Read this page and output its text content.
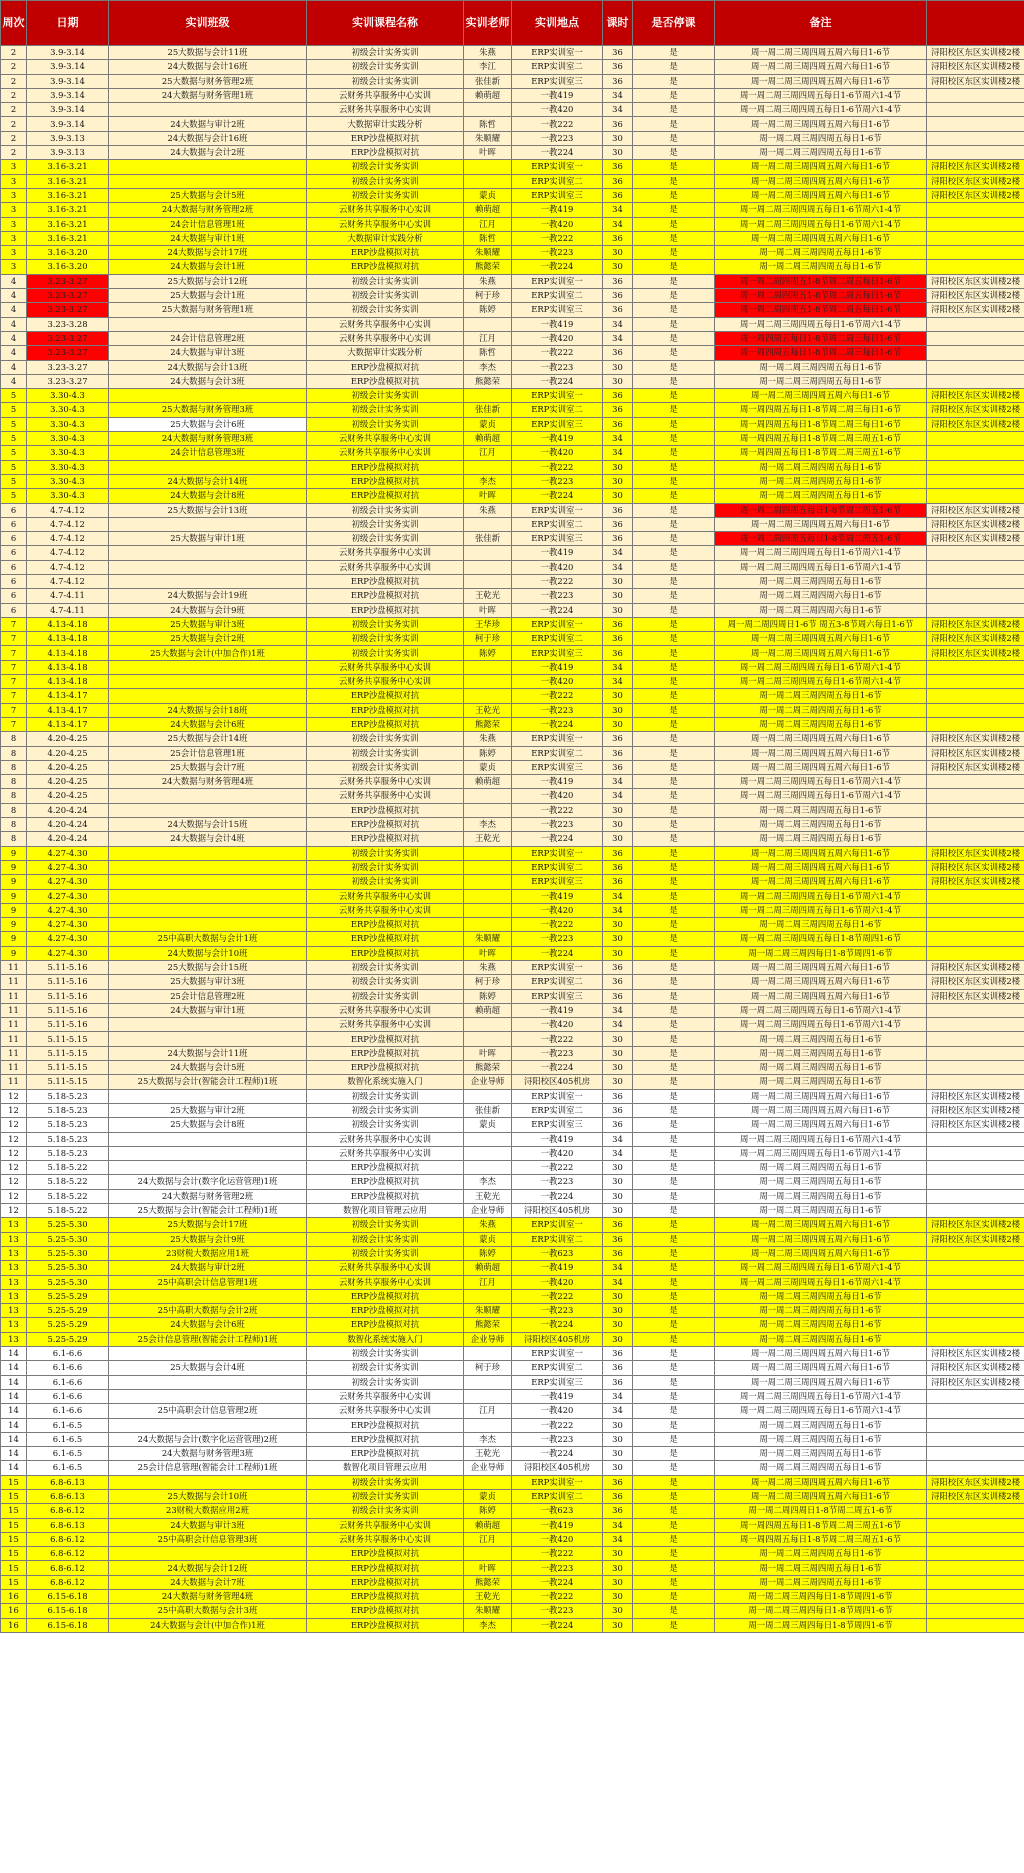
周次	日期	实训班级	实训课程名称	实训老师	实训地点	课时	是否停课	备注	
2	3.9-3.14	25大数据与会计11班	初级会计实务实训	朱燕	ERP实训室一	36	是	周一周二周三周四周五周六每日1-6节	浔阳校区东区实训楼2楼
2	3.9-3.14	24大数据与会计16班	初级会计实务实训	李江	ERP实训室二	36	是	周一周二周三周四周五周六每日1-6节	浔阳校区东区实训楼2楼
2	3.9-3.14	25大数据与财务管理2班	初级会计实务实训	张佳新	ERP实训室三	36	是	周一周二周三周四周五周六每日1-6节	浔阳校区东区实训楼2楼
2	3.9-3.14	24大数据与财务管理1班	云财务共享服务中心实训	赖萌超	一教419	34	是	周一周二周三周四周五每日1-6节周六1-4节	
2	3.9-3.14		云财务共享服务中心实训		一教420	34	是	周一周二周三周四周五每日1-6节周六1-4节	
2	3.9-3.14	24大数据与审计2班	大数据审计实践分析	陈哲	一教222	36	是	周一周二周三周四周五周六每日1-6节	
2	3.9-3.13	24大数据与会计16班	ERP沙盘模拟对抗	朱顺耀	一教223	30	是	周一周二周三周四周五每日1-6节	
2	3.9-3.13	24大数据与会计2班	ERP沙盘模拟对抗	叶晖	一教224	30	是	周一周二周三周四周五每日1-6节	
3	3.16-3.21		初级会计实务实训		ERP实训室一	36	是	周一周二周三周四周五周六每日1-6节	浔阳校区东区实训楼2楼
3	3.16-3.21		初级会计实务实训		ERP实训室二	36	是	周一周二周三周四周五周六每日1-6节	浔阳校区东区实训楼2楼
3	3.16-3.21	25大数据与会计5班	初级会计实务实训	蒙贞	ERP实训室三	36	是	周一周二周三周四周五周六每日1-6节	浔阳校区东区实训楼2楼
3	3.16-3.21	24大数据与财务管理2班	云财务共享服务中心实训	赖萌超	一教419	34	是	周一周二周三周四周五每日1-6节周六1-4节	
3	3.16-3.21	24会计信息管理1班	云财务共享服务中心实训	江月	一教420	34	是	周一周二周三周四周五每日1-6节周六1-4节	
3	3.16-3.21	24大数据与审计1班	大数据审计实践分析	陈哲	一教222	36	是	周一周二周三周四周五周六每日1-6节	
3	3.16-3.20	24大数据与会计17班	ERP沙盘模拟对抗	朱顺耀	一教223	30	是	周一周二周三周四周五每日1-6节	
3	3.16-3.20	24大数据与会计1班	ERP沙盘模拟对抗	熊懿荣	一教224	30	是	周一周二周三周四周五每日1-6节	
4	3.23-3.27	25大数据与会计12班	初级会计实务实训	朱燕	ERP实训室一	36	是	周一周二周四周五1-8节周二周五每日1-6节	浔阳校区东区实训楼2楼
4	3.23-3.27	25大数据与会计1班	初级会计实务实训	柯于珍	ERP实训室二	36	是	周一周二周四周五1-8节周二周五每日1-6节	浔阳校区东区实训楼2楼
4	3.23-3.27	25大数据与财务管理1班	初级会计实务实训	陈婷	ERP实训室三	36	是	周一周二周四周五1-8节周二周五每日1-6节	浔阳校区东区实训楼2楼
4	3.23-3.28		云财务共享服务中心实训		一教419	34	是	周一周二周三周四周五每日1-6节周六1-4节	
4	3.23-3.27	24会计信息管理2班	云财务共享服务中心实训	江月	一教420	34	是	周一周四周五每日1-8节周二周三每日1-6节	
4	3.23-3.27	24大数据与审计3班	大数据审计实践分析	陈哲	一教222	36	是	周一周四周五每日1-8节周二周三每日1-6节	
4	3.23-3.27	24大数据与会计13班	ERP沙盘模拟对抗	李杰	一教223	30	是	周一周二周三周四周五每日1-6节	
4	3.23-3.27	24大数据与会计3班	ERP沙盘模拟对抗	熊懿荣	一教224	30	是	周一周二周三周四周五每日1-6节	
5	3.30-4.3		初级会计实务实训		ERP实训室一	36	是	周一周二周三周四周五周六每日1-6节	浔阳校区东区实训楼2楼
5	3.30-4.3	25大数据与财务管理3班	初级会计实务实训	张佳新	ERP实训室二	36	是	周一周四周五每日1-8节周二周三每日1-6节	浔阳校区东区实训楼2楼
5	3.30-4.3	25大数据与会计6班	初级会计实务实训	蒙贞	ERP实训室三	36	是	周一周四周五每日1-8节周二周三每日1-6节	浔阳校区东区实训楼2楼
5	3.30-4.3	24大数据与财务管理3班	云财务共享服务中心实训	赖萌超	一教419	34	是	周一周四周五每日1-8节周二周三周五1-6节	
5	3.30-4.3	24会计信息管理3班	云财务共享服务中心实训	江月	一教420	34	是	周一周四周五每日1-8节周二周三周五1-6节	
5	3.30-4.3		ERP沙盘模拟对抗		一教222	30	是	周一周二周三周四周五每日1-6节	
5	3.30-4.3	24大数据与会计14班	ERP沙盘模拟对抗	李杰	一教223	30	是	周一周二周三周四周五每日1-6节	
5	3.30-4.3	24大数据与会计8班	ERP沙盘模拟对抗	叶晖	一教224	30	是	周一周二周三周四周五每日1-6节	
6	4.7-4.12	25大数据与会计13班	初级会计实务实训	朱燕	ERP实训室一	36	是	周一周二周四周五每日1-8节周二周五1-6节	浔阳校区东区实训楼2楼
6	4.7-4.12		初级会计实务实训		ERP实训室二	36	是	周一周二周三周四周五周六每日1-6节	浔阳校区东区实训楼2楼
6	4.7-4.12	25大数据与审计1班	初级会计实务实训	张佳新	ERP实训室三	36	是	周一周二周四周五每日1-8节周二周五1-6节	浔阳校区东区实训楼2楼
6	4.7-4.12		云财务共享服务中心实训		一教419	34	是	周一周二周三周四周五每日1-6节周六1-4节	
6	4.7-4.12		云财务共享服务中心实训		一教420	34	是	周一周二周三周四周五每日1-6节周六1-4节	
6	4.7-4.12		ERP沙盘模拟对抗		一教222	30	是	周一周二周三周四周五每日1-6节	
6	4.7-4.11	24大数据与会计19班	ERP沙盘模拟对抗	王乾光	一教223	30	是	周一周二周三周四周六每日1-6节	
6	4.7-4.11	24大数据与会计9班	ERP沙盘模拟对抗	叶晖	一教224	30	是	周一周二周三周四周六每日1-6节	
7	4.13-4.18	25大数据与审计3班	初级会计实务实训	王华珍	ERP实训室一	36	是	周一周二周四周日1-6节 周五3-8节周六每日1-6节	浔阳校区东区实训楼2楼
7	4.13-4.18	25大数据与会计2班	初级会计实务实训	柯于珍	ERP实训室二	36	是	周一周二周三周四周五周六每日1-6节	浔阳校区东区实训楼2楼
7	4.13-4.18	25大数据与会计(中加合作)1班	初级会计实务实训	陈婷	ERP实训室三	36	是	周一周二周三周四周五周六每日1-6节	浔阳校区东区实训楼2楼
7	4.13-4.18		云财务共享服务中心实训		一教419	34	是	周一周二周三周四周五每日1-6节周六1-4节	
7	4.13-4.18		云财务共享服务中心实训		一教420	34	是	周一周二周三周四周五每日1-6节周六1-4节	
7	4.13-4.17		ERP沙盘模拟对抗		一教222	30	是	周一周二周三周四周五每日1-6节	
7	4.13-4.17	24大数据与会计18班	ERP沙盘模拟对抗	王乾光	一教223	30	是	周一周二周三周四周五每日1-6节	
7	4.13-4.17	24大数据与会计6班	ERP沙盘模拟对抗	熊懿荣	一教224	30	是	周一周二周三周四周五每日1-6节	
8	4.20-4.25	25大数据与会计14班	初级会计实务实训	朱燕	ERP实训室一	36	是	周一周二周三周四周五周六每日1-6节	浔阳校区东区实训楼2楼
8	4.20-4.25	25会计信息管理1班	初级会计实务实训	陈婷	ERP实训室二	36	是	周一周二周三周四周五周六每日1-6节	浔阳校区东区实训楼2楼
8	4.20-4.25	25大数据与会计7班	初级会计实务实训	蒙贞	ERP实训室三	36	是	周一周二周三周四周五周六每日1-6节	浔阳校区东区实训楼2楼
8	4.20-4.25	24大数据与财务管理4班	云财务共享服务中心实训	赖萌超	一教419	34	是	周一周二周三周四周五每日1-6节周六1-4节	
8	4.20-4.25		云财务共享服务中心实训		一教420	34	是	周一周二周三周四周五每日1-6节周六1-4节	
8	4.20-4.24		ERP沙盘模拟对抗		一教222	30	是	周一周二周三周四周五每日1-6节	
8	4.20-4.24	24大数据与会计15班	ERP沙盘模拟对抗	李杰	一教223	30	是	周一周二周三周四周五每日1-6节	
8	4.20-4.24	24大数据与会计4班	ERP沙盘模拟对抗	王乾光	一教224	30	是	周一周二周三周四周五每日1-6节	
9	4.27-4.30		初级会计实务实训		ERP实训室一	36	是	周一周二周三周四周五周六每日1-6节	浔阳校区东区实训楼2楼
9	4.27-4.30		初级会计实务实训		ERP实训室二	36	是	周一周二周三周四周五周六每日1-6节	浔阳校区东区实训楼2楼
9	4.27-4.30		初级会计实务实训		ERP实训室三	36	是	周一周二周三周四周五周六每日1-6节	浔阳校区东区实训楼2楼
9	4.27-4.30		云财务共享服务中心实训		一教419	34	是	周一周二周三周四周五每日1-6节周六1-4节	
9	4.27-4.30		云财务共享服务中心实训		一教420	34	是	周一周二周三周四周五每日1-6节周六1-4节	
9	4.27-4.30		ERP沙盘模拟对抗		一教222	30	是	周一周二周三周四周五每日1-6节	
9	4.27-4.30	25中高职大数据与会计1班	ERP沙盘模拟对抗	朱顺耀	一教223	30	是	周一周二周三周四周五每日1-8节周四1-6节	
9	4.27-4.30	24大数据与会计10班	ERP沙盘模拟对抗	叶晖	一教224	30	是	周一周二周三周四每日1-8节周四1-6节	
11	5.11-5.16	25大数据与会计15班	初级会计实务实训	朱燕	ERP实训室一	36	是	周一周二周三周四周五周六每日1-6节	浔阳校区东区实训楼2楼
11	5.11-5.16	25大数据与审计3班	初级会计实务实训	柯于珍	ERP实训室二	36	是	周一周二周三周四周五周六每日1-6节	浔阳校区东区实训楼2楼
11	5.11-5.16	25会计信息管理2班	初级会计实务实训	陈婷	ERP实训室三	36	是	周一周二周三周四周五周六每日1-6节	浔阳校区东区实训楼2楼
11	5.11-5.16	24大数据与审计1班	云财务共享服务中心实训	赖萌超	一教419	34	是	周一周二周三周四周五每日1-6节周六1-4节	
11	5.11-5.16		云财务共享服务中心实训		一教420	34	是	周一周二周三周四周五每日1-6节周六1-4节	
11	5.11-5.15		ERP沙盘模拟对抗		一教222	30	是	周一周二周三周四周五每日1-6节	
11	5.11-5.15	24大数据与会计11班	ERP沙盘模拟对抗	叶晖	一教223	30	是	周一周二周三周四周五每日1-6节	
11	5.11-5.15	24大数据与会计5班	ERP沙盘模拟对抗	熊懿荣	一教224	30	是	周一周二周三周四周五每日1-6节	
11	5.11-5.15	25大数据与会计(智能会计工程师)1班	数智化系统实施入门	企业导师	浔阳校区405机房	30	是	周一周二周三周四周五每日1-6节	
12	5.18-5.23		初级会计实务实训		ERP实训室一	36	是	周一周二周三周四周五周六每日1-6节	浔阳校区东区实训楼2楼
12	5.18-5.23	25大数据与审计2班	初级会计实务实训	张佳新	ERP实训室二	36	是	周一周二周三周四周五周六每日1-6节	浔阳校区东区实训楼2楼
12	5.18-5.23	25大数据与会计8班	初级会计实务实训	蒙贞	ERP实训室三	36	是	周一周二周三周四周五周六每日1-6节	浔阳校区东区实训楼2楼
12	5.18-5.23		云财务共享服务中心实训		一教419	34	是	周一周二周三周四周五每日1-6节周六1-4节	
12	5.18-5.23		云财务共享服务中心实训		一教420	34	是	周一周二周三周四周五每日1-6节周六1-4节	
12	5.18-5.22		ERP沙盘模拟对抗		一教222	30	是	周一周二周三周四周五每日1-6节	
12	5.18-5.22	24大数据与会计(数字化运营管理)1班	ERP沙盘模拟对抗	李杰	一教223	30	是	周一周二周三周四周五每日1-6节	
12	5.18-5.22	24大数据与财务管理2班	ERP沙盘模拟对抗	王乾光	一教224	30	是	周一周二周三周四周五每日1-6节	
12	5.18-5.22	25大数据与会计(智能会计工程师)1班	数智化项目管理云应用	企业导师	浔阳校区405机房	30	是	周一周二周三周四周五每日1-6节	
13	5.25-5.30	25大数据与会计17班	初级会计实务实训	朱燕	ERP实训室一	36	是	周一周二周三周四周五周六每日1-6节	浔阳校区东区实训楼2楼
13	5.25-5.30	25大数据与会计9班	初级会计实务实训	蒙贞	ERP实训室二	36	是	周一周二周三周四周五周六每日1-6节	浔阳校区东区实训楼2楼
13	5.25-5.30	23财税大数据应用1班	初级会计实务实训	陈婷	一教623	36	是	周一周二周三周四周五周六每日1-6节	
13	5.25-5.30	24大数据与审计2班	云财务共享服务中心实训	赖萌超	一教419	34	是	周一周二周三周四周五每日1-6节周六1-4节	
13	5.25-5.30	25中高职会计信息管理1班	云财务共享服务中心实训	江月	一教420	34	是	周一周二周三周四周五每日1-6节周六1-4节	
13	5.25-5.29		ERP沙盘模拟对抗		一教222	30	是	周一周二周三周四周五每日1-6节	
13	5.25-5.29	25中高职大数据与会计2班	ERP沙盘模拟对抗	朱顺耀	一教223	30	是	周一周二周三周四周五每日1-6节	
13	5.25-5.29	24大数据与会计6班	ERP沙盘模拟对抗	熊懿荣	一教224	30	是	周一周二周三周四周五每日1-6节	
13	5.25-5.29	25会计信息管理(智能会计工程师)1班	数智化系统实施入门	企业导师	浔阳校区405机房	30	是	周一周二周三周四周五每日1-6节	
14	6.1-6.6		初级会计实务实训		ERP实训室一	36	是	周一周二周三周四周五周六每日1-6节	浔阳校区东区实训楼2楼
14	6.1-6.6	25大数据与会计4班	初级会计实务实训	柯于珍	ERP实训室二	36	是	周一周二周三周四周五周六每日1-6节	浔阳校区东区实训楼2楼
14	6.1-6.6		初级会计实务实训		ERP实训室三	36	是	周一周二周三周四周五周六每日1-6节	浔阳校区东区实训楼2楼
14	6.1-6.6		云财务共享服务中心实训		一教419	34	是	周一周二周三周四周五每日1-6节周六1-4节	
14	6.1-6.6	25中高职会计信息管理2班	云财务共享服务中心实训	江月	一教420	34	是	周一周二周三周四周五每日1-6节周六1-4节	
14	6.1-6.5		ERP沙盘模拟对抗		一教222	30	是	周一周二周三周四周五每日1-6节	
14	6.1-6.5	24大数据与会计(数字化运营管理)2班	ERP沙盘模拟对抗	李杰	一教223	30	是	周一周二周三周四周五每日1-6节	
14	6.1-6.5	24大数据与财务管理3班	ERP沙盘模拟对抗	王乾光	一教224	30	是	周一周二周三周四周五每日1-6节	
14	6.1-6.5	25会计信息管理(智能会计工程师)1班	数智化项目管理云应用	企业导师	浔阳校区405机房	30	是	周一周二周三周四周五每日1-6节	
15	6.8-6.13		初级会计实务实训		ERP实训室一	36	是	周一周二周三周四周五周六每日1-6节	浔阳校区东区实训楼2楼
15	6.8-6.13	25大数据与会计10班	初级会计实务实训	蒙贞	ERP实训室二	36	是	周一周二周三周四周五周六每日1-6节	浔阳校区东区实训楼2楼
15	6.8-6.12	23财税大数据应用2班	初级会计实务实训	陈婷	一教623	36	是	周一周二周四周日1-8节周二周五1-6节	
15	6.8-6.13	24大数据与审计3班	云财务共享服务中心实训	赖萌超	一教419	34	是	周一周四周五每日1-8节周二周三周五1-6节	
15	6.8-6.12	25中高职会计信息管理3班	云财务共享服务中心实训	江月	一教420	34	是	周一周四周五每日1-8节周二周三周五1-6节	
15	6.8-6.12		ERP沙盘模拟对抗		一教222	30	是	周一周二周三周四周五每日1-6节	
15	6.8-6.12	24大数据与会计12班	ERP沙盘模拟对抗	叶晖	一教223	30	是	周一周二周三周四周五每日1-6节	
15	6.8-6.12	24大数据与会计7班	ERP沙盘模拟对抗	熊懿荣	一教224	30	是	周一周二周三周四周五每日1-6节	
16	6.15-6.18	24大数据与财务管理4班	ERP沙盘模拟对抗	王乾光	一教222	30	是	周一周二周三周四每日1-8节周四1-6节	
16	6.15-6.18	25中高职大数据与会计3班	ERP沙盘模拟对抗	朱顺耀	一教223	30	是	周一周二周三周四每日1-8节周四1-6节	
16	6.15-6.18	24大数据与会计(中加合作)1班	ERP沙盘模拟对抗	李杰	一教224	30	是	周一周二周三周四每日1-8节周四1-6节	
